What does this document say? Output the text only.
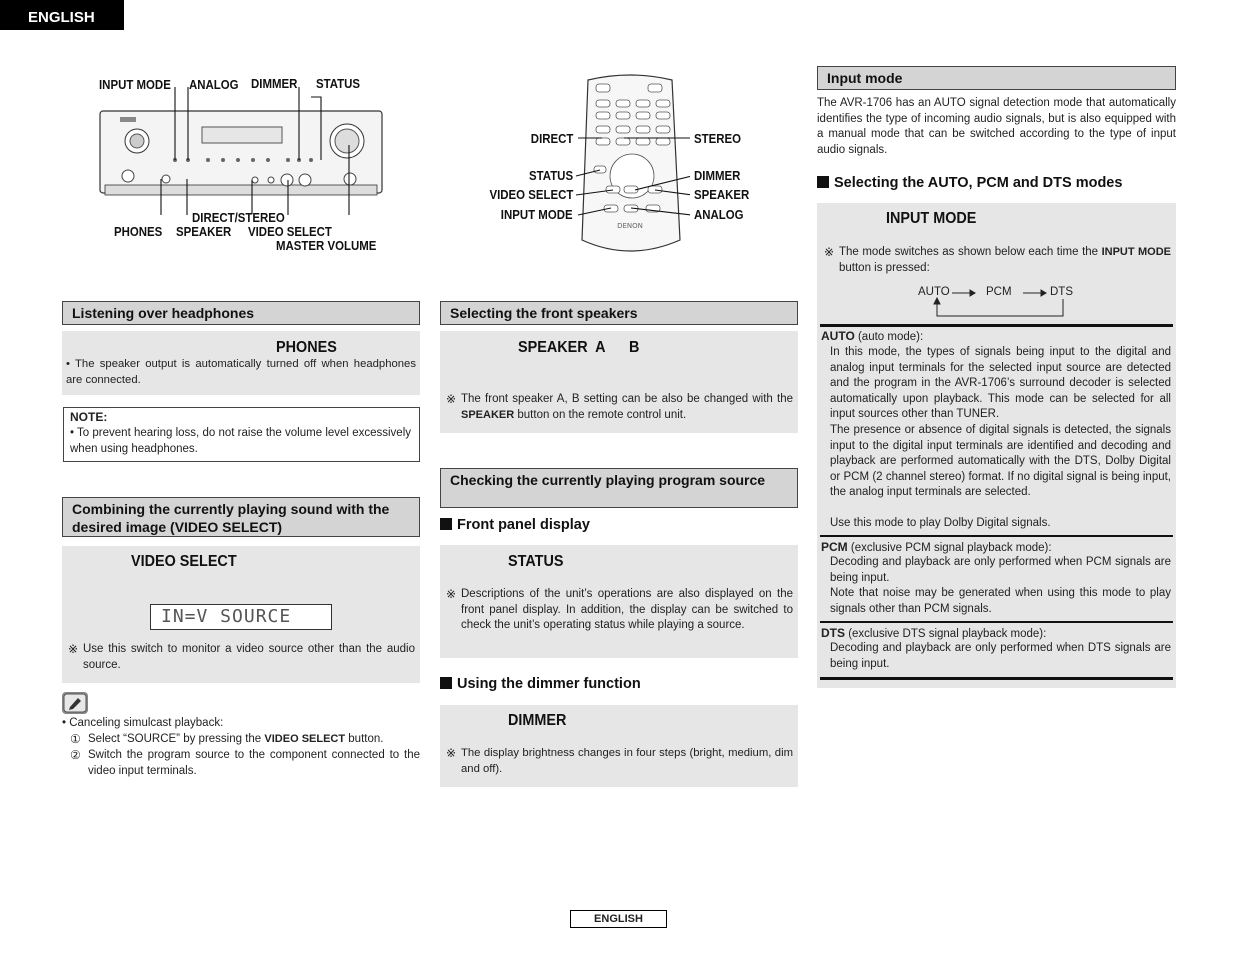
ENGLISH
ENGLISH
INPUT MODE ANALOG DIMMER STATUS
DIRECT/STEREO
PHONES SPEAKER VIDEO SELECT
MASTER VOLUME
DENON
DIRECT	STEREO
STATUS	DIMMER
VIDEO SELECT	SPEAKER
INPUT MODE	ANALOG
Listening over headphones
PHONES
• The speaker output is automatically turned off when headphones are connected.
NOTE:
• To prevent hearing loss, do not raise the volume level excessively when using headphones.
Combining the currently playing sound with the desired image (VIDEO SELECT)
VIDEO SELECT
IN=V SOURCE
※ Use this switch to monitor a video source other than the audio source.
• Canceling simulcast playback:
① Select “SOURCE” by pressing the VIDEO SELECT button.
② Switch the program source to the component connected to the video input terminals.
Selecting the front speakers
SPEAKER  A      B
※ The front speaker A, B setting can be also be changed with the SPEAKER button on the remote control unit.
Checking the currently playing program source
Front panel display
STATUS
※ Descriptions of the unit’s operations are also displayed on the front panel display. In addition, the display can be switched to check the unit’s operating status while playing a source.
Using the dimmer function
DIMMER
※ The display brightness changes in four steps (bright, medium, dim and off).
Input mode
The AVR-1706 has an AUTO signal detection mode that automatically identifies the type of incoming audio signals, but is also equipped with a manual mode that can be switched according to the type of input audio signals.
Selecting the AUTO, PCM and DTS modes
INPUT MODE
※ The mode switches as shown below each time the INPUT MODE button is pressed:
AUTO	PCM	DTS
AUTO (auto mode):
In this mode, the types of signals being input to the digital and analog input terminals for the selected input source are detected and the program in the AVR-1706’s surround decoder is selected automatically upon playback. This mode can be selected for all input sources other than TUNER.
The presence or absence of digital signals is detected, the signals input to the digital input terminals are identified and decoding and playback are performed automatically with the DTS, Dolby Digital or PCM (2 channel stereo) format. If no digital signal is being input, the analog input terminals are selected.
Use this mode to play Dolby Digital signals.
PCM (exclusive PCM signal playback mode):
Decoding and playback are only performed when PCM signals are being input.
Note that noise may be generated when using this mode to play signals other than PCM signals.
DTS (exclusive DTS signal playback mode):
Decoding and playback are only performed when DTS signals are being input.
